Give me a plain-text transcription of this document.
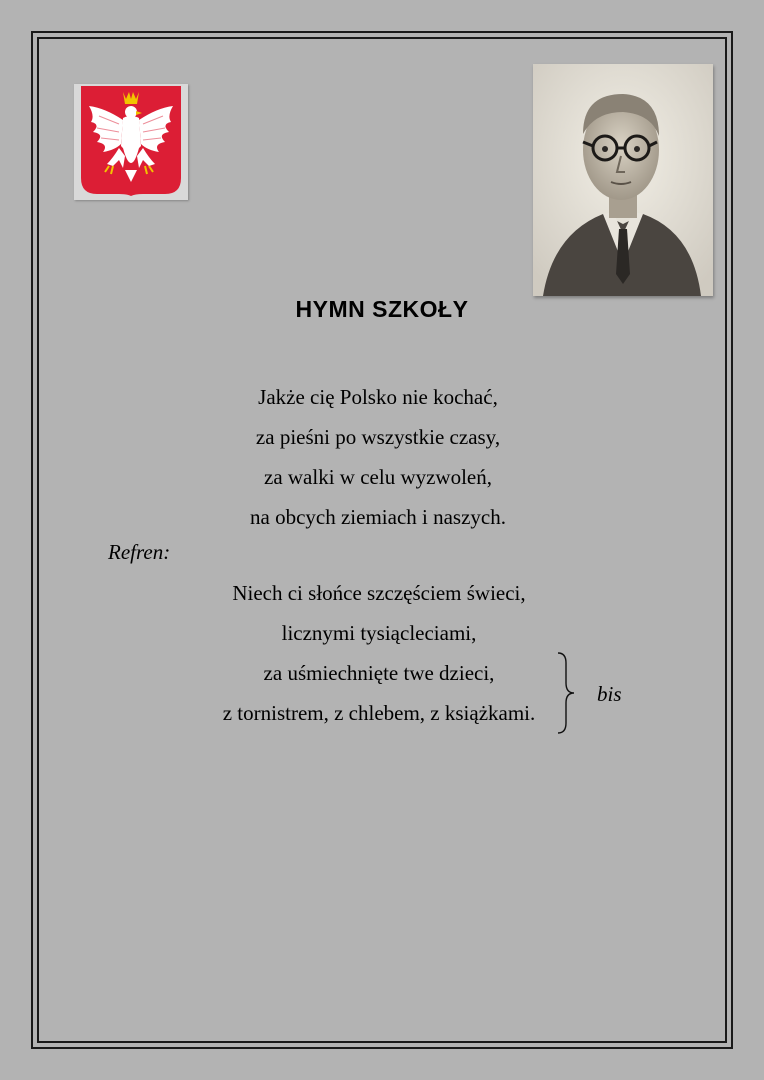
HYMN SZKOŁY
Jakże cię Polsko nie kochać,
za pieśni po wszystkie czasy,
za walki w celu wyzwoleń,
na obcych ziemiach i naszych.
Refren:
Niech ci słońce szczęściem świeci,
licznymi tysiącleciami,
za uśmiechnięte twe dzieci,
z tornistrem, z chlebem, z książkami.
bis
